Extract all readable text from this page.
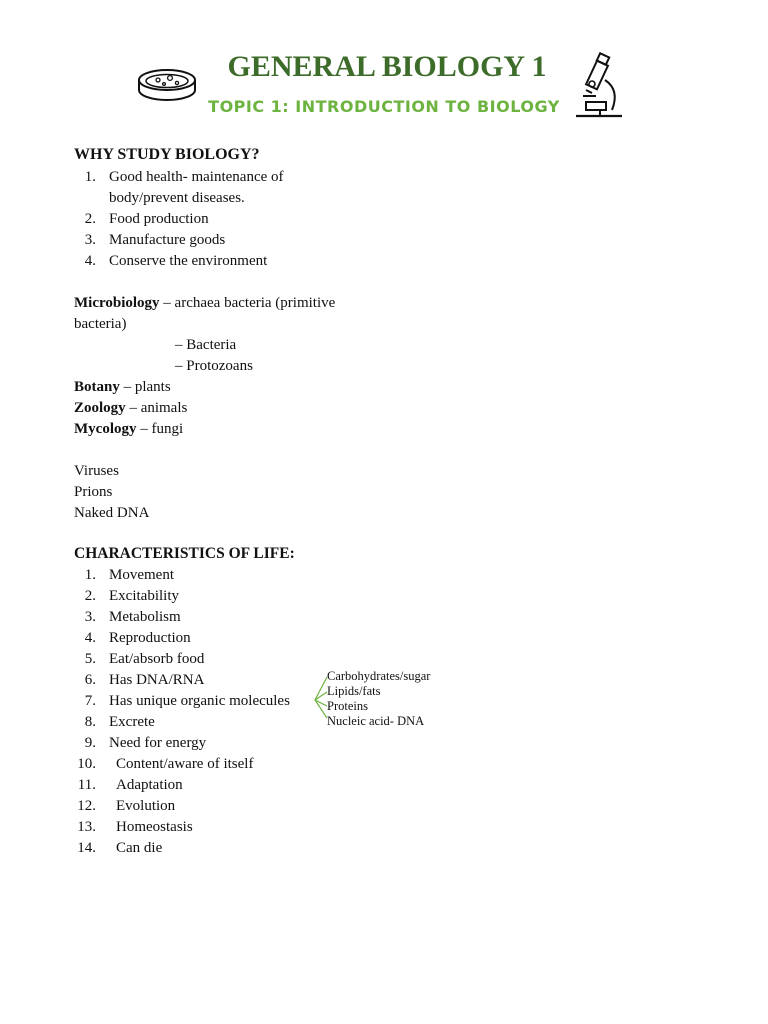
GENERAL BIOLOGY 1
TOPIC 1: INTRODUCTION TO BIOLOGY
WHY STUDY BIOLOGY?
1. Good health- maintenance of
body/prevent diseases.
2. Food production
3. Manufacture goods
4. Conserve the environment
Microbiology – archaea bacteria (primitive
bacteria)
– Bacteria
– Protozoans
Botany – plants
Zoology – animals
Mycology – fungi
Viruses
Prions
Naked DNA
CHARACTERISTICS OF LIFE:
1. Movement
2. Excitability
3. Metabolism
4. Reproduction
5. Eat/absorb food
6. Has DNA/RNA
7. Has unique organic molecules
8. Excrete
9. Need for energy
10. Content/aware of itself
11. Adaptation
12. Evolution
13. Homeostasis
14. Can die
Carbohydrates/sugar
Lipids/fats
Proteins
Nucleic acid- DNA
